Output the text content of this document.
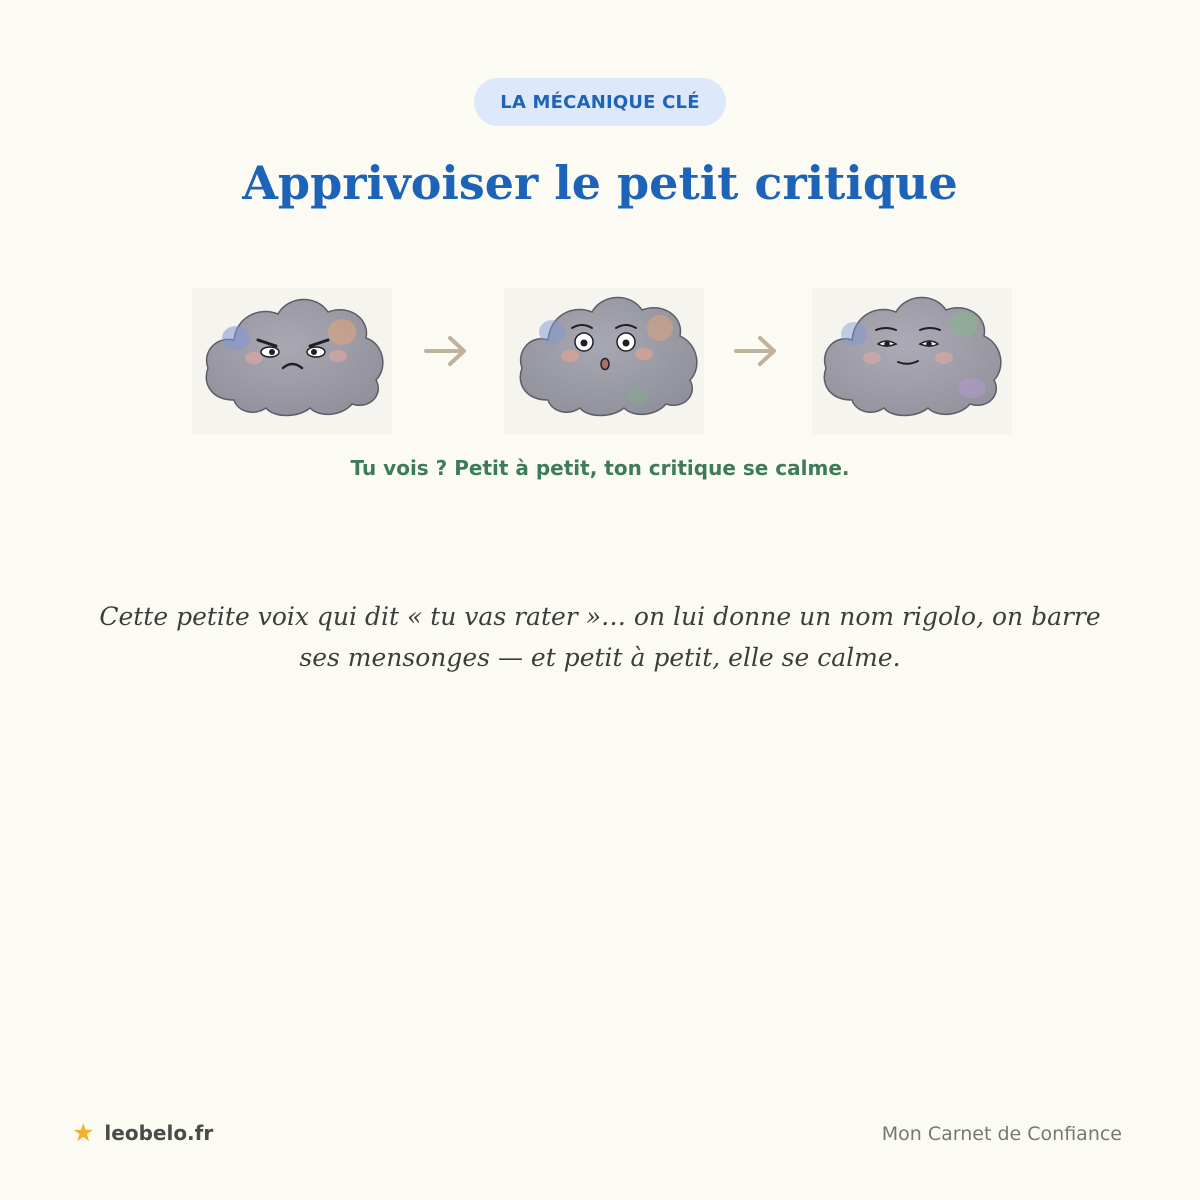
LA MÉCANIQUE CLÉ
Apprivoiser le petit critique

Tu vois ? Petit à petit, ton critique se calme.

Cette petite voix qui dit « tu vas rater »… on lui donne un nom rigolo, on barre ses mensonges — et petit à petit, elle se calme.

★ leobelo.fr	Mon Carnet de Confiance
